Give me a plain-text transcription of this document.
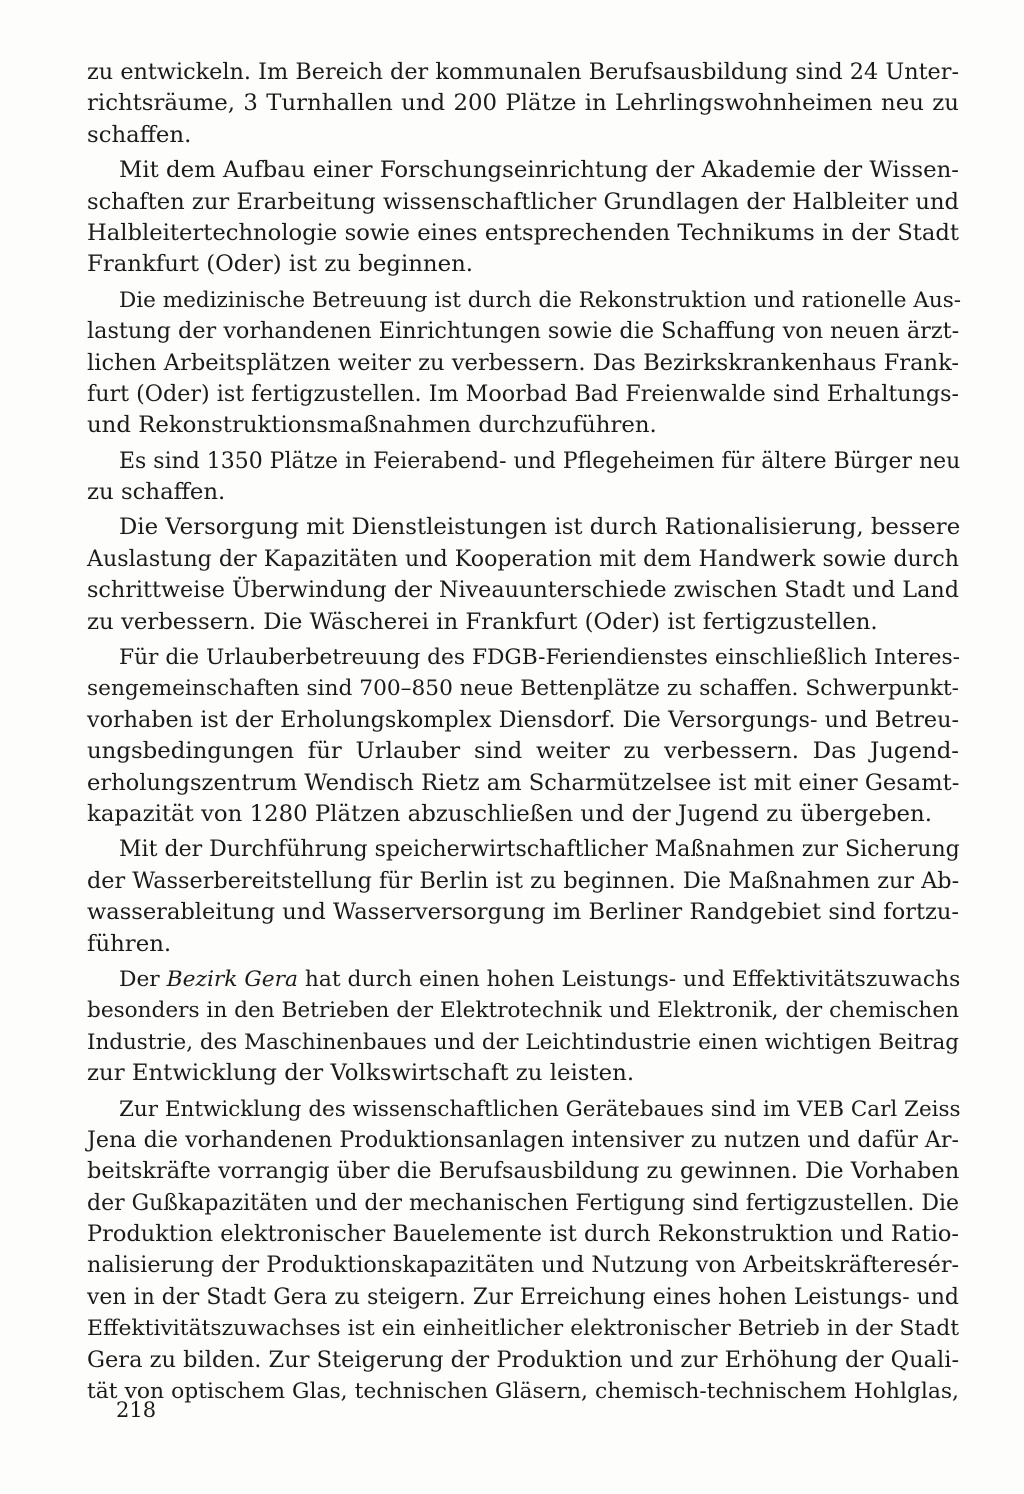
zu entwickeln. Im Bereich der kommunalen Berufsausbildung sind 24 Unter-
richtsräume, 3 Turnhallen und 200 Plätze in Lehrlingswohnheimen neu zu
schaffen.
Mit dem Aufbau einer Forschungseinrichtung der Akademie der Wissen-
schaften zur Erarbeitung wissenschaftlicher Grundlagen der Halbleiter und
Halbleitertechnologie sowie eines entsprechenden Technikums in der Stadt
Frankfurt (Oder) ist zu beginnen.
Die medizinische Betreuung ist durch die Rekonstruktion und rationelle Aus-
lastung der vorhandenen Einrichtungen sowie die Schaffung von neuen ärzt-
lichen Arbeitsplätzen weiter zu verbessern. Das Bezirkskrankenhaus Frank-
furt (Oder) ist fertigzustellen. Im Moorbad Bad Freienwalde sind Erhaltungs-
und Rekonstruktionsmaßnahmen durchzuführen.
Es sind 1350 Plätze in Feierabend- und Pflegeheimen für ältere Bürger neu
zu schaffen.
Die Versorgung mit Dienstleistungen ist durch Rationalisierung, bessere
Auslastung der Kapazitäten und Kooperation mit dem Handwerk sowie durch
schrittweise Überwindung der Niveauunterschiede zwischen Stadt und Land
zu verbessern. Die Wäscherei in Frankfurt (Oder) ist fertigzustellen.
Für die Urlauberbetreuung des FDGB-Feriendienstes einschließlich Interes-
sengemeinschaften sind 700–850 neue Bettenplätze zu schaffen. Schwerpunkt-
vorhaben ist der Erholungskomplex Diensdorf. Die Versorgungs- und Betreu-
ungsbedingungen für Urlauber sind weiter zu verbessern. Das Jugend-
erholungszentrum Wendisch Rietz am Scharmützelsee ist mit einer Gesamt-
kapazität von 1280 Plätzen abzuschließen und der Jugend zu übergeben.
Mit der Durchführung speicherwirtschaftlicher Maßnahmen zur Sicherung
der Wasserbereitstellung für Berlin ist zu beginnen. Die Maßnahmen zur Ab-
wasserableitung und Wasserversorgung im Berliner Randgebiet sind fortzu-
führen.
Der Bezirk Gera hat durch einen hohen Leistungs- und Effektivitätszuwachs
besonders in den Betrieben der Elektrotechnik und Elektronik, der chemischen
Industrie, des Maschinenbaues und der Leichtindustrie einen wichtigen Beitrag
zur Entwicklung der Volkswirtschaft zu leisten.
Zur Entwicklung des wissenschaftlichen Gerätebaues sind im VEB Carl Zeiss
Jena die vorhandenen Produktionsanlagen intensiver zu nutzen und dafür Ar-
beitskräfte vorrangig über die Berufsausbildung zu gewinnen. Die Vorhaben
der Gußkapazitäten und der mechanischen Fertigung sind fertigzustellen. Die
Produktion elektronischer Bauelemente ist durch Rekonstruktion und Ratio-
nalisierung der Produktionskapazitäten und Nutzung von Arbeitskräfteresér-
ven in der Stadt Gera zu steigern. Zur Erreichung eines hohen Leistungs- und
Effektivitätszuwachses ist ein einheitlicher elektronischer Betrieb in der Stadt
Gera zu bilden. Zur Steigerung der Produktion und zur Erhöhung der Quali-
tät von optischem Glas, technischen Gläsern, chemisch-technischem Hohlglas,
218
